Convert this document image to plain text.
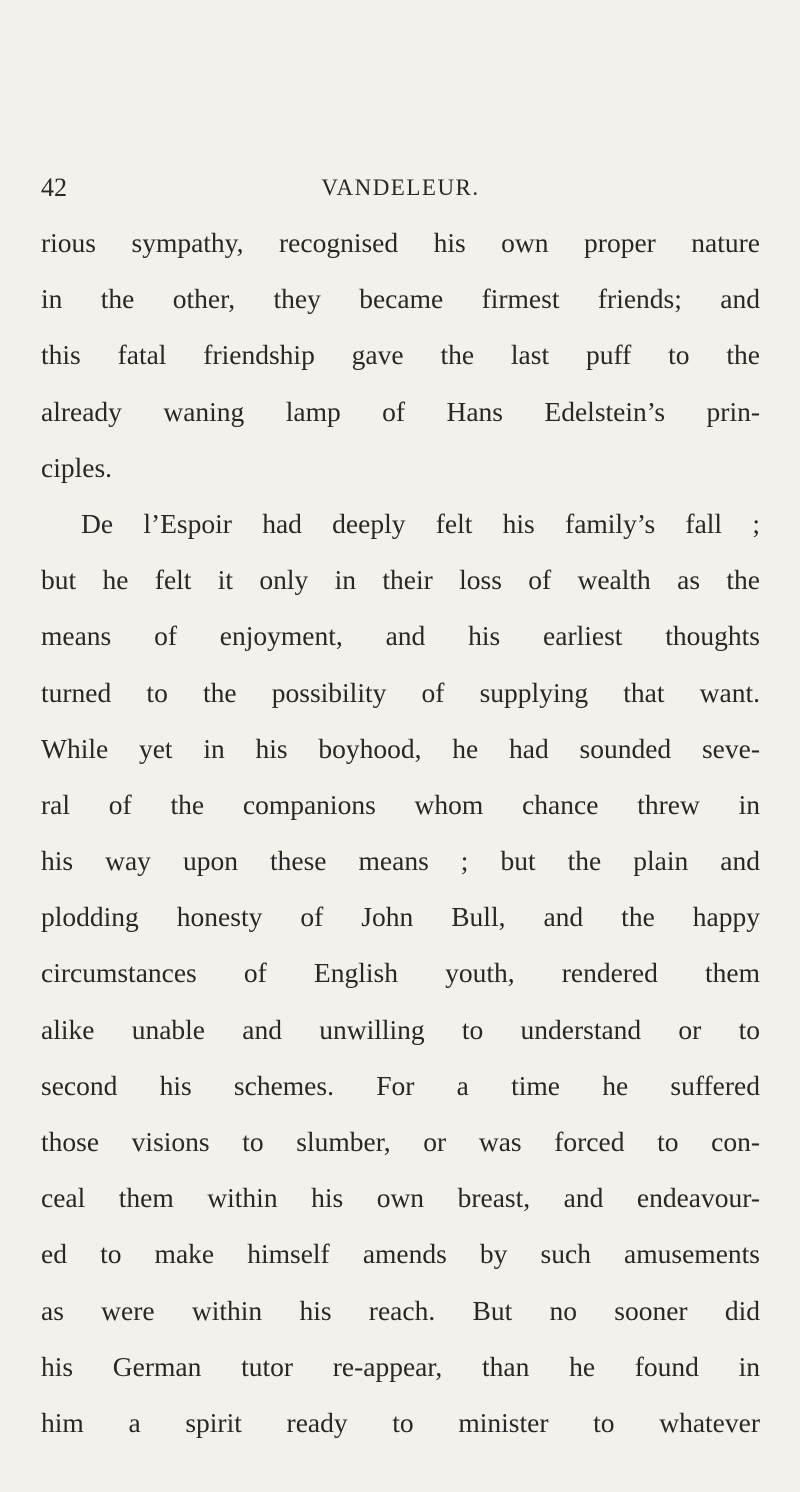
42	VANDELEUR.
rious sympathy, recognised his own proper nature
in the other, they became firmest friends; and
this fatal friendship gave the last puff to the
already waning lamp of Hans Edelstein’s prin-
ciples.
De l’Espoir had deeply felt his family’s fall ;
but he felt it only in their loss of wealth as the
means of enjoyment, and his earliest thoughts
turned to the possibility of supplying that want.
While yet in his boyhood, he had sounded seve-
ral of the companions whom chance threw in
his way upon these means ; but the plain and
plodding honesty of John Bull, and the happy
circumstances of English youth, rendered them
alike unable and unwilling to understand or to
second his schemes. For a time he suffered
those visions to slumber, or was forced to con-
ceal them within his own breast, and endeavour-
ed to make himself amends by such amusements
as were within his reach. But no sooner did
his German tutor re-appear, than he found in
him a spirit ready to minister to whatever
